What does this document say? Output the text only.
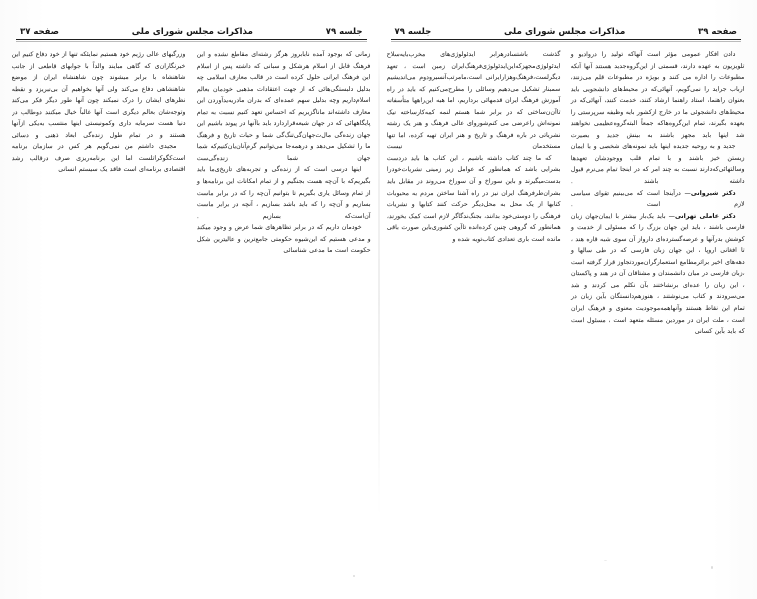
صفحه ۳۹
مذاکرات مجلس شورای ملی
جلسه ۷۹

دادن افکار عمومی مؤثر است آنهاکه تولید را دروادیو و تلویزیون به عهده دارند، قسمتی از این‌گروه‌جدید هستند آنها آنکه مطبوعات را اداره می کنند و بویژه در مطبوعات قلم می‌زنند، ارباب جراید را نمی‌گویم، آنهائی‌که در محیط‌های دانشجویی باید بعنوان راهنما، استاد راهنما ارشاد کنند، خدمت کنند، آنهائی‌که در محیط‌های دانشجوئی ما در خارج ازکشور بایه وظیفه سرپرستی را بعهده بگیرند، تمام این‌گروه‌هاکه جمعاً البته‌گروه‌عظیمی نخواهند شد اینها باید مجهز باشند به بینش جدید و بصیرت

جدید و به روحیه جدیده اینها باید نمونه‌های شخصی و با ایمان زیستن خیز باشند و با تمام قلب ووجودشان تعهدها وسالتهائی‌که‌دارند نسبت به چند امر که در اینجا تمام می‌نرم قبول داشته باشند .

دکتر شیروانی— درآینجا است که می‌بینیم تقوای سیاسی لازم است .

دکتر عاملی تهرانی— باید یک‌بار بیشتر با ایمان‌جهان زبان فارسی باشند ، باید این جهان بزرگ را که مسئولی از خدمت و کوشش بدرآنها و عرصه‌گسترده‌ای دارواز آن سوی شبه قاره هند ، تا افغانی اروپا ، این جهان زبان فارسی که در طی سالها و دهه‌های اخیر براثرمطامع استعمارگران‌موردتجاوز قرار گرفته است ،زبان فارسی در میان دانشمندان و مشتاقان آن در هند و پاکستان ، این زبان را عده‌ای برنشاختند بآن نکلم می کردند و شد می‌سرودند و کتاب می‌نوشتند ، هنوزهم‌دانستگان بآین زبان در تمام این نقاط هستند وآنهاهمه‌موجودیت معنوی و فرهنگ ایران است ، ملت ایران در موردین مسئله متعهد است ، مسئول است که باید بآین کسانی

گذشت باشتسادرهرابر ایدئولوژی‌های مخرب‌با‌یه‌سلاح ایدئولوژی‌مجهزکه‌این‌ایدئولوژی‌فرهنگ‌ایران زمین است ، تعهد دیگرلست،‌فرهنگ‌و‌هزار‌ایرانی است،‌مامرتب‌آنسیرودوم می‌اندیشیم سمبنار تشکیل می‌دهیم وسائلی را مطرح‌می‌کنیم که باید در راه آموزش فرهنگ ایران قدمهائی برداریم، اما هیه این‌راهها متأسفانه تاآن‌ن‌ساختی که در برابر شما هستم لنمه کمه‌کارساخته نیک نمونه‌اش راعرضی می کنم‌شوروای عالی فرهنگ و هنر یک رشته نشریاتی در باره فرهنگ و تاریخ و هنر ایران تهیه کرده، اما تنها مستخدمان نیست

که ما چند کتاب داشته باشیم ، این کتاب ها باید دردست بشرایی باشد که همانطور که عوامل زیر زمینی نشریات‌خودرا بدست‌میگیرند و باین سوراخ و آن سوراخ می‌روند در مقابل باید بشران‌طرفرهنگ ایران نیز در راه آشنا ساختن مردم به محبوبات کتابها از یک محل به محل‌دیگر حرکت کنند کتابها و نشریات فرهنگی را دوستی‌خود بدانند، بجنگ‌ندگاگر لازم است کمک بخورند، همانطور که گروهی چنین کرده‌اند‌ه تاآین کشوری‌باین صورت باقی مانده است باری تعدادی کتاب‌تویه شده و

جلسه ۷۹
مذاکرات مجلس شورای ملی
صفحه ۳۷

زمانی که بوجود آمده نابابروز هرگز رشته‌ای مقاطع نشده و این فرهنگ قابل از اسلام هرشکل و سبانی که داشته پس از اسلام این فرهنگ ایرانی حلول کرده است در قالب معارف اسلامی چه بدلیل دلبستگی‌هائی که از جهت اعتقادات مذهبی خودمان بعالم اسلام‌داریم وچه بدلیل سهم عمده‌ای که بدران مادریه‌ید‌آوردن این معارف داشته‌اند ماناگزیریم که احساس تعهد کنیم نسبت به تمام پایگاههائی که در جهان شیعه‌قراردارد باید باآنها در پیوند باشیم این جهان زنده‌گی مال‌ت‌جهان‌گی‌تنگ‌گی شما و حیات تاریخ و فرهنگ ما را تشکیل می‌دهد و درهمه‌جا می‌توانیم گرم‌آنان‌یان‌کنیم‌که شما جهان شما زنده‌گی‌ست

اینها درسی است که از زنده‌گی و تجربه‌های تاریخ‌ی‌ما باید بگیریم‌که با آن‌چه هست بجنگیم و از تمام امکانات این برنامه‌ها و از تمام وسائل یاری بگیریم تا بتوانیم آن‌چه را که در برابر ماست بسازیم و آن‌چه را که باید باشد بسازیم ، آنچه در برابر ماست آن‌است‌که بسازیم .

خودمان داریم که در برابر تظاهرهای شما عرض و وجود میکند و مدعی هستیم که این‌شیوه حکومتی جامع‌ترین و عالیترین شکل حکومت است ما مدعی شناسائی

وزرگبهای عالی رژیم خود هستیم نمایئکه تنها از خود دفاع کنیم این خبرنگاران‌ی که گاهی مبایند والداً با جوابهای قاطعی از جانب شاهنشاه با برابر میشوند چون شاهنشاه ایران از موضع شاهنشاهی دفاع می‌کند ولی آنها بخواهیم آن بی‌نبریزد و نقطه نظرهای ایشان را درک نمیکند چون آنها طور دیگر فکر می‌کند وتوجه‌شان بعالم دیگری است آنها غالباً خیال میکنند دوطالب در دنیا هست سرمایه داری وکمونیستی اینها منتسب به‌یکی ازآنها هستند و در تمام طول زنده‌گی ابعاد ذهنی و دسائی

مجیدی داشتم من نمی‌گویم هر کس در سازمان برنامه است‌کگو‌کراتلست اما این برنامه‌ریزی صرف درقالب رشد اقتصادی برنامه‌ای است فاقد یک سیستم انسانی
